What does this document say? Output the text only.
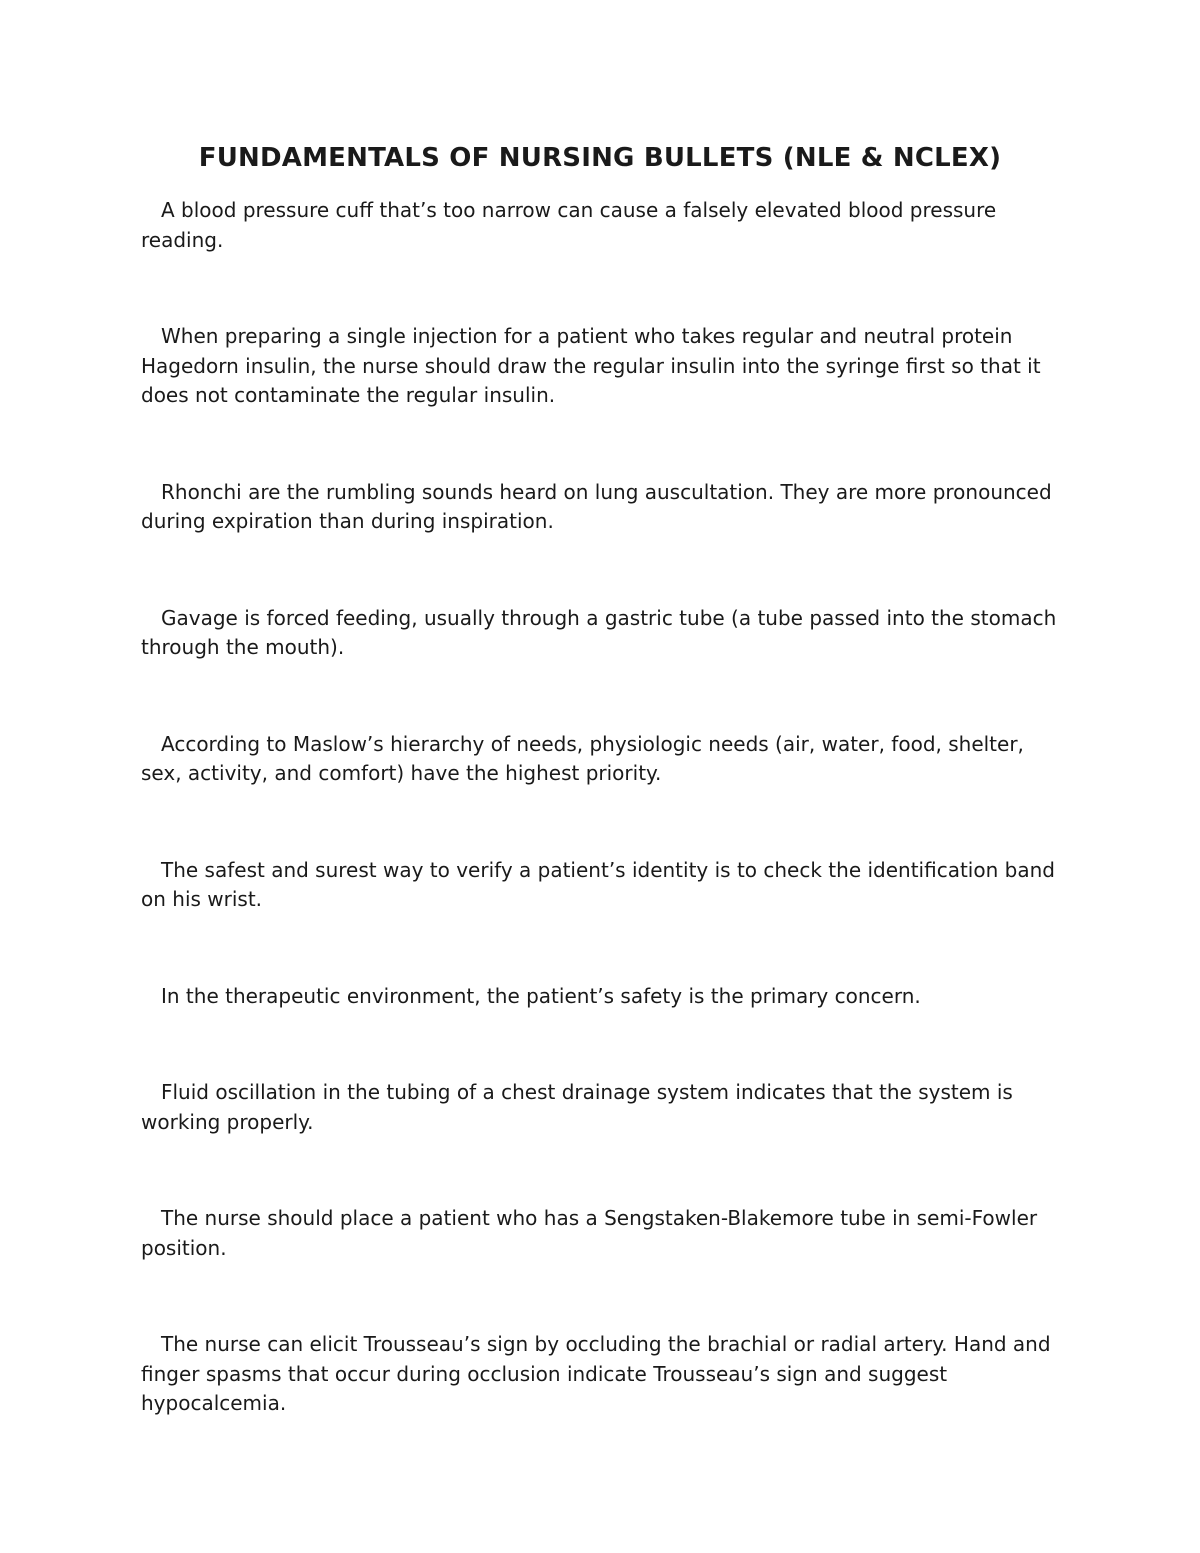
FUNDAMENTALS OF NURSING BULLETS (NLE & NCLEX)
A blood pressure cuff that’s too narrow can cause a falsely elevated blood pressure reading.
When preparing a single injection for a patient who takes regular and neutral protein Hagedorn insulin, the nurse should draw the regular insulin into the syringe first so that it does not contaminate the regular insulin.
Rhonchi are the rumbling sounds heard on lung auscultation. They are more pronounced during expiration than during inspiration.
Gavage is forced feeding, usually through a gastric tube (a tube passed into the stomach through the mouth).
According to Maslow’s hierarchy of needs, physiologic needs (air, water, food, shelter, sex, activity, and comfort) have the highest priority.
The safest and surest way to verify a patient’s identity is to check the identification band on his wrist.
In the therapeutic environment, the patient’s safety is the primary concern.
Fluid oscillation in the tubing of a chest drainage system indicates that the system is working properly.
The nurse should place a patient who has a Sengstaken-Blakemore tube in semi-Fowler position.
The nurse can elicit Trousseau’s sign by occluding the brachial or radial artery. Hand and finger spasms that occur during occlusion indicate Trousseau’s sign and suggest hypocalcemia.
